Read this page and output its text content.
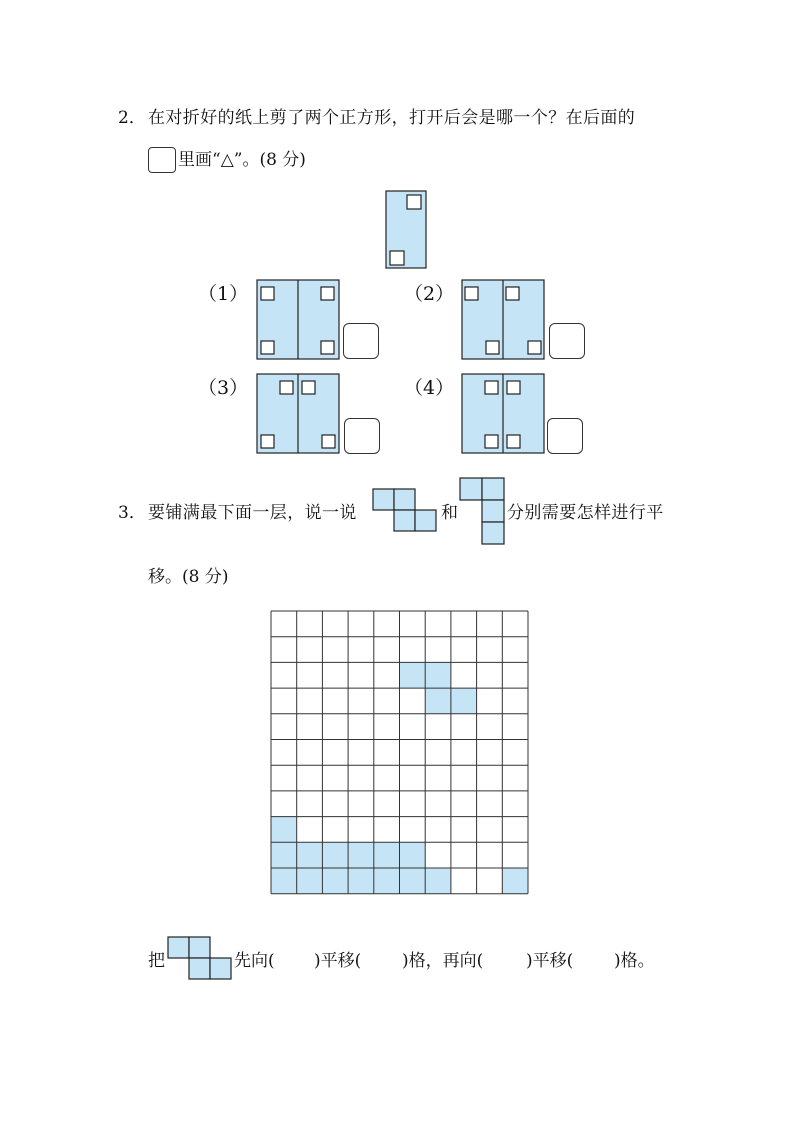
2． 在对折好的纸上剪了两个正方形，打开后会是哪一个？在后面的
里画“△”。(8 分)
（1）	（2）
（3）	（4）
3． 要铺满最下面一层，说一说	和	分别需要怎样进行平
移。(8 分)
把	先向( )平移( )格，再向(	)平移( )格。
